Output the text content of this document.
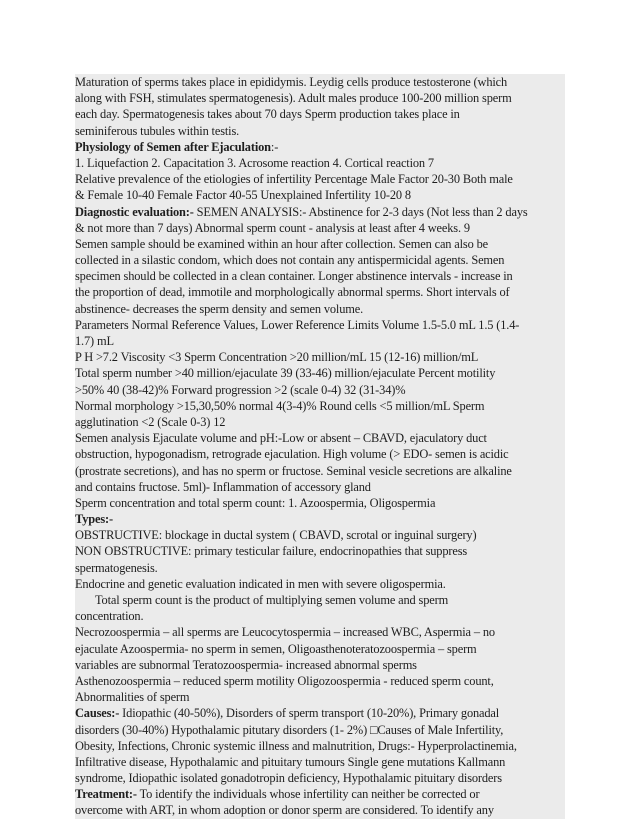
Maturation of sperms takes place in epididymis. Leydig cells produce testosterone (which
along with FSH, stimulates spermatogenesis). Adult males produce 100-200 million sperm
each day. Spermatogenesis takes about 70 days Sperm production takes place in
seminiferous tubules within testis.
Physiology of Semen after Ejaculation:-
1. Liquefaction 2. Capacitation 3. Acrosome reaction 4. Cortical reaction 7
Relative prevalence of the etiologies of infertility Percentage Male Factor 20-30 Both male
& Female 10-40 Female Factor 40-55 Unexplained Infertility 10-20 8
Diagnostic evaluation:- SEMEN ANALYSIS:- Abstinence for 2-3 days (Not less than 2 days
& not more than 7 days) Abnormal sperm count - analysis at least after 4 weeks. 9
Semen sample should be examined within an hour after collection. Semen can also be
collected in a silastic condom, which does not contain any antispermicidal agents. Semen
specimen should be collected in a clean container. Longer abstinence intervals - increase in
the proportion of dead, immotile and morphologically abnormal sperms. Short intervals of
abstinence- decreases the sperm density and semen volume.
Parameters Normal Reference Values, Lower Reference Limits Volume 1.5-5.0 mL 1.5 (1.4-
1.7) mL
P H >7.2 Viscosity <3 Sperm Concentration >20 million/mL 15 (12-16) million/mL
Total sperm number >40 million/ejaculate 39 (33-46) million/ejaculate Percent motility
>50% 40 (38-42)% Forward progression >2 (scale 0-4) 32 (31-34)%
Normal morphology >15,30,50% normal 4(3-4)% Round cells <5 million/mL Sperm
agglutination <2 (Scale 0-3) 12
Semen analysis Ejaculate volume and pH:-Low or absent – CBAVD, ejaculatory duct
obstruction, hypogonadism, retrograde ejaculation. High volume (> EDO- semen is acidic
(prostrate secretions), and has no sperm or fructose. Seminal vesicle secretions are alkaline
and contains fructose. 5ml)- Inflammation of accessory gland
Sperm concentration and total sperm count: 1. Azoospermia, Oligospermia
Types:-
OBSTRUCTIVE: blockage in ductal system ( CBAVD, scrotal or inguinal surgery)
NON OBSTRUCTIVE: primary testicular failure, endocrinopathies that suppress
spermatogenesis.
Endocrine and genetic evaluation indicated in men with severe oligospermia.
Total sperm count is the product of multiplying semen volume and sperm
concentration.
Necrozoospermia – all sperms are Leucocytospermia – increased WBC, Aspermia – no
ejaculate Azoospermia- no sperm in semen, Oligoasthenoteratozoospermia – sperm
variables are subnormal Teratozoospermia- increased abnormal sperms
Asthenozoospermia – reduced sperm motility Oligozoospermia - reduced sperm count,
Abnormalities of sperm
Causes:- Idiopathic (40-50%), Disorders of sperm transport (10-20%), Primary gonadal
disorders (30-40%) Hypothalamic pitutary disorders (1- 2%) □Causes of Male Infertility,
Obesity, Infections, Chronic systemic illness and malnutrition, Drugs:- Hyperprolactinemia,
Infiltrative disease, Hypothalamic and pituitary tumours Single gene mutations Kallmann
syndrome, Idiopathic isolated gonadotropin deficiency, Hypothalamic pituitary disorders
Treatment:- To identify the individuals whose infertility can neither be corrected or
overcome with ART, in whom adoption or donor sperm are considered. To identify any
